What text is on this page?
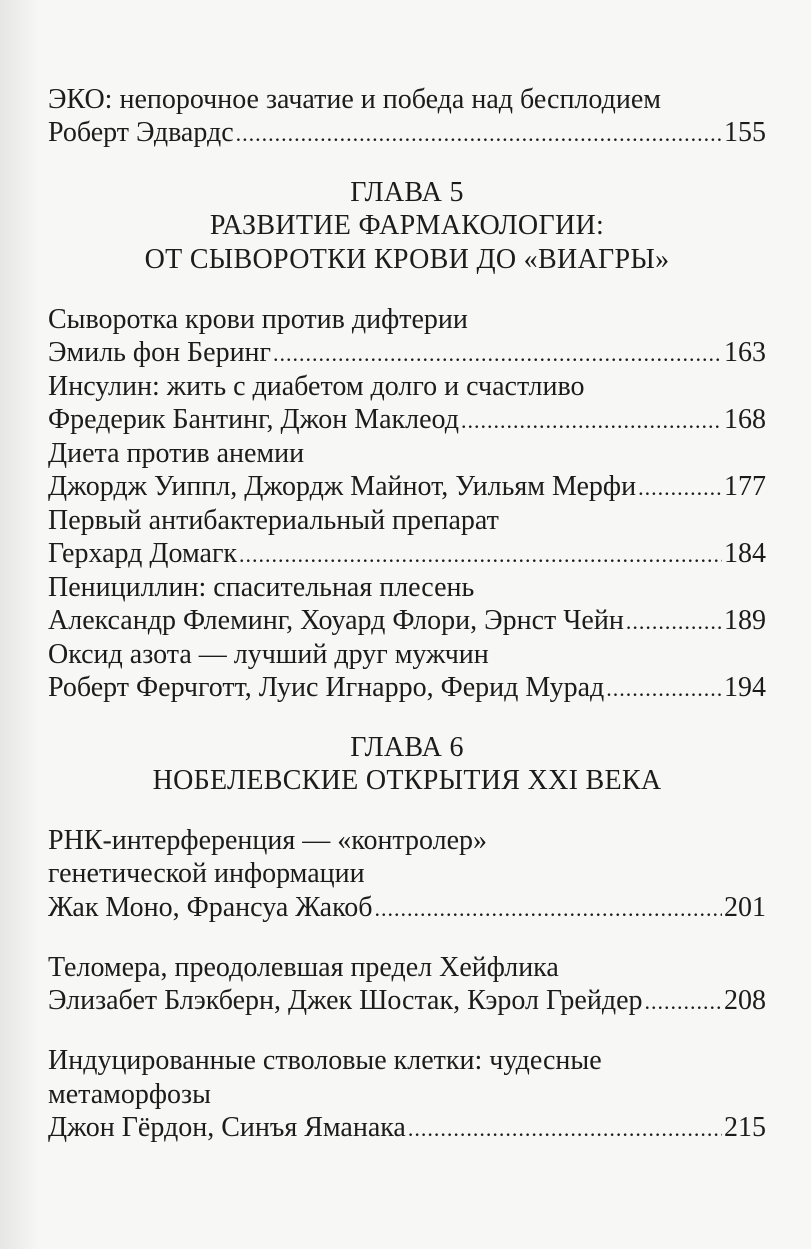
ЭКО: непорочное зачатие и победа над бесплодием
Роберт Эдвардс .....	155
ГЛАВА 5
РАЗВИТИЕ ФАРМАКОЛОГИИ:
ОТ СЫВОРОТКИ КРОВИ ДО «ВИАГРЫ»
Сыворотка крови против дифтерии
Эмиль фон Беринг .....	163
Инсулин: жить с диабетом долго и счастливо
Фредерик Бантинг, Джон Маклеод .....	168
Диета против анемии
Джордж Уиппл, Джордж Майнот, Уильям Мерфи .....	177
Первый антибактериальный препарат
Герхард Домагк .....	184
Пенициллин: спасительная плесень
Александр Флеминг, Хоуард Флори, Эрнст Чейн .....	189
Оксид азота — лучший друг мужчин
Роберт Ферчготт, Луис Игнарро, Ферид Мурад .....	194
ГЛАВА 6
НОБЕЛЕВСКИЕ ОТКРЫТИЯ XXI ВЕКА
РНК-интерференция — «контролер»
генетической информации
Жак Моно, Франсуа Жакоб .....	201
Теломера, преодолевшая предел Хейфлика
Элизабет Блэкберн, Джек Шостак, Кэрол Грейдер .....	208
Индуцированные стволовые клетки: чудесные
метаморфозы
Джон Гёрдон, Синъя Яманака .....	215
